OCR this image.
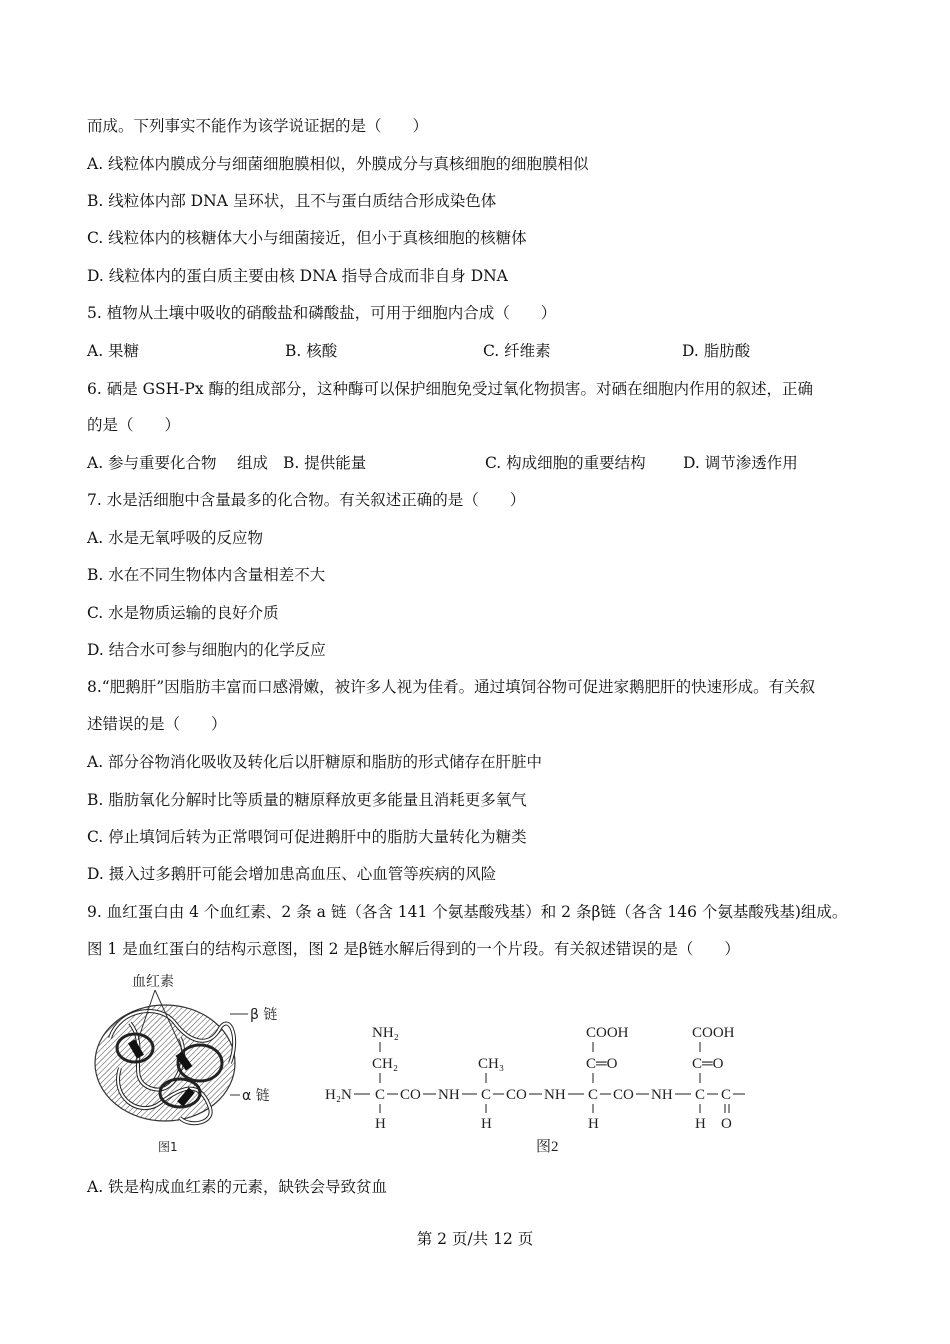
而成。下列事实不能作为该学说证据的是（　　）
A. 线粒体内膜成分与细菌细胞膜相似，外膜成分与真核细胞的细胞膜相似
B. 线粒体内部 DNA 呈环状，且不与蛋白质结合形成染色体
C. 线粒体内的核糖体大小与细菌接近，但小于真核细胞的核糖体
D. 线粒体内的蛋白质主要由核 DNA 指导合成而非自身 DNA
5. 植物从土壤中吸收的硝酸盐和磷酸盐，可用于细胞内合成（　　）
A. 果糖	B. 核酸	C. 纤维素	D. 脂肪酸
6. 硒是 GSH-Px 酶的组成部分，这种酶可以保护细胞免受过氧化物损害。对硒在细胞内作用的叙述，正确
的是（　　）
A. 参与重要化合物　 组成 B. 提供能量	C. 构成细胞的重要结构 D. 调节渗透作用
7. 水是活细胞中含量最多的化合物。有关叙述正确的是（　　）
A. 水是无氧呼吸的反应物
B. 水在不同生物体内含量相差不大
C. 水是物质运输的良好介质
D. 结合水可参与细胞内的化学反应
8.“肥鹅肝”因脂肪丰富而口感滑嫩，被许多人视为佳肴。通过填饲谷物可促进家鹅肥肝的快速形成。有关叙
述错误的是（　　）
A. 部分谷物消化吸收及转化后以肝糖原和脂肪的形式储存在肝脏中
B. 脂肪氧化分解时比等质量的糖原释放更多能量且消耗更多氧气
C. 停止填饲后转为正常喂饲可促进鹅肝中的脂肪大量转化为糖类
D. 摄入过多鹅肝可能会增加患高血压、心血管等疾病的风险
9. 血红蛋白由 4 个血红素、2 条 a 链（各含 141 个氨基酸残基）和 2 条β链（各含 146 个氨基酸残基)组成。
图 1 是血红蛋白的结构示意图，图 2 是β链水解后得到的一个片段。有关叙述错误的是（　　）
血红素
β 链
α 链
图1
NH₂
CH₂	CH₃
COOH
C═O
COOH
C═O
H₂N C CO NH C CO NH C CO NH C C
H	H	H	H O
图2
A. 铁是构成血红素的元素，缺铁会导致贫血
第 2 页/共 12 页
